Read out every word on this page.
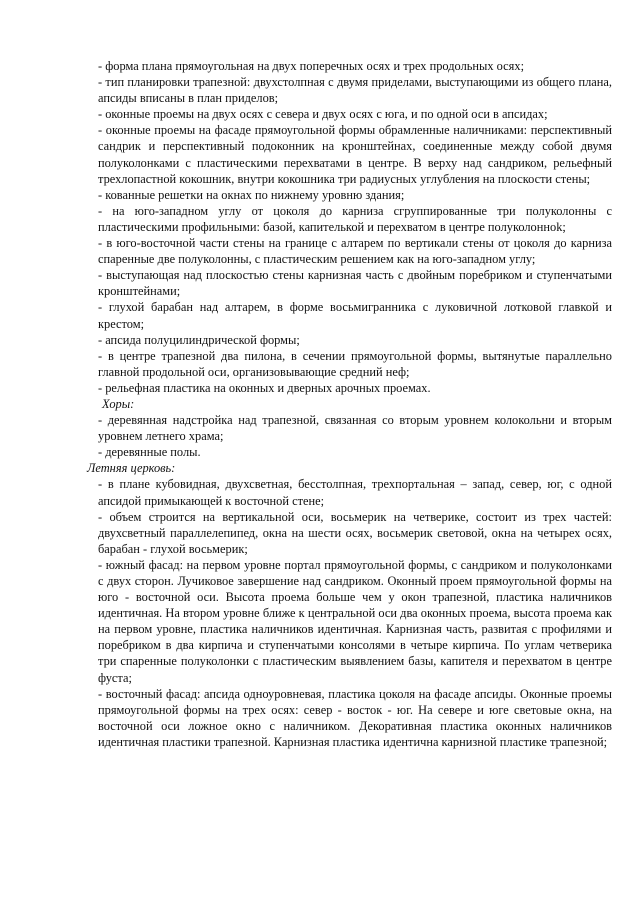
- форма плана прямоугольная на двух поперечных осях и трех продольных осях;

- тип планировки трапезной: двухстолпная с двумя приделами, выступающими из общего плана, апсиды вписаны в план приделов;

- оконные проемы на двух осях с севера и двух осях с юга, и по одной оси в апсидах;

- оконные проемы на фасаде прямоугольной формы обрамленные наличниками: перспективный сандрик и перспективный подоконник на кронштейнах, соединенные между собой двумя полуколонками с пластическими перехватами в центре. В верху над сандриком, рельефный трехлопастной кокошник, внутри кокошника три радиусных углубления на плоскости стены;

- кованные решетки на окнах по нижнему уровню здания;

- на юго-западном углу от цоколя до карниза сгруппированные три полуколонны с пластическими профильными: базой, капителькой и перехватом в центре полуколонноk;

- в юго-восточной части стены на границе с алтарем по вертикали стены от цоколя до карниза спаренные две полуколонны, с пластическим решением как на юго-западном углу;

- выступающая над плоскостью стены карнизная часть с двойным поребриком и ступенчатыми кронштейнами;

- глухой барабан над алтарем, в форме восьмигранника с луковичной лотковой главкой и крестом;

- апсида полуцилиндрической формы;

- в центре трапезной два пилона, в сечении прямоугольной формы, вытянутые параллельно главной продольной оси, организовывающие средний неф;

- рельефная пластика на оконных и дверных арочных проемах.

Хоры:

- деревянная надстройка над трапезной, связанная со вторым уровнем колокольни и вторым уровнем летнего храма;

- деревянные полы.

Летняя церковь:

- в плане кубовидная, двухсветная, бесстолпная, трехпортальная – запад, север, юг, с одной апсидой примыкающей к восточной стене;

- объем строится на вертикальной оси, восьмерик на четверике, состоит из трех частей: двухсветный параллелепипед, окна на шести осях, восьмерик световой, окна на четырех осях, барабан - глухой восьмерик;

- южный фасад: на первом уровне портал прямоугольной формы, с сандриком и полуколонками с двух сторон. Лучиковое завершение над сандриком. Оконный проем прямоугольной формы на юго - восточной оси. Высота проема больше чем у окон трапезной, пластика наличников идентичная. На втором уровне ближе к центральной оси два оконных проема, высота проема как на первом уровне, пластика наличников идентичная. Карнизная часть, развитая с профилями и поребриком в два кирпича и ступенчатыми консолями в четыре кирпича. По углам четверика три спаренные полуколонки с пластическим выявлением базы, капителя и перехватом в центре фуста;

- восточный фасад: апсида одноуровневая, пластика цоколя на фасаде апсиды. Оконные проемы прямоугольной формы на трех осях: север - восток - юг. На севере и юге световые окна, на восточной оси ложное окно с наличником. Декоративная пластика оконных наличников идентичная пластики трапезной. Карнизная пластика идентична карнизной пластике трапезной;
